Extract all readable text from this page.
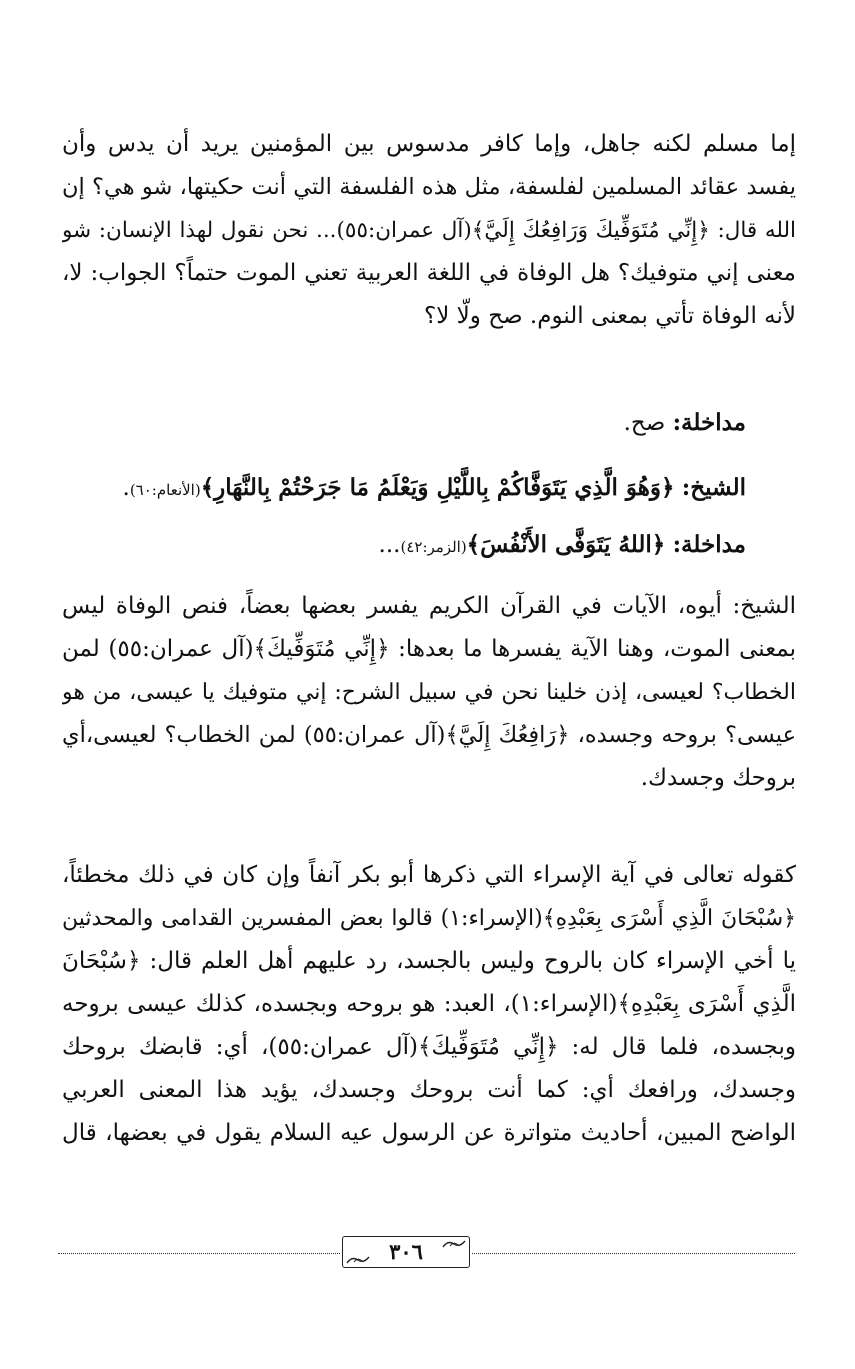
إما مسلم لكنه جاهل، وإما كافر مدسوس بين المؤمنين يريد أن يدس وأن
يفسد عقائد المسلمين لفلسفة، مثل هذه الفلسفة التي أنت حكيتها، شو هي؟ إن
الله قال: ﴿إِنِّي مُتَوَفِّيكَ وَرَافِعُكَ إِلَيَّ﴾(آل عمران:٥٥)... نحن نقول لهذا الإنسان: شو
معنى إني متوفيك؟ هل الوفاة في اللغة العربية تعني الموت حتماً؟ الجواب: لا،
لأنه الوفاة تأتي بمعنى النوم. صح ولّا لا؟
مداخلة: صح.
الشيخ: ﴿وَهُوَ الَّذِي يَتَوَفَّاكُمْ بِاللَّيْلِ وَيَعْلَمُ مَا جَرَحْتُمْ بِالنَّهَارِ﴾(الأنعام:٦٠).
مداخلة: ﴿اللهُ يَتَوَفَّى الأَنْفُسَ﴾(الزمر:٤٢)...
الشيخ: أيوه، الآيات في القرآن الكريم يفسر بعضها بعضاً، فنص الوفاة ليس
بمعنى الموت، وهنا الآية يفسرها ما بعدها: ﴿إِنِّي مُتَوَفِّيكَ﴾(آل عمران:٥٥) لمن
الخطاب؟ لعيسى، إذن خلينا نحن في سبيل الشرح: إني متوفيك يا عيسى، من هو
عيسى؟ بروحه وجسده، ﴿رَافِعُكَ إِلَيَّ﴾(آل عمران:٥٥) لمن الخطاب؟ لعيسى،أي
بروحك وجسدك.
كقوله تعالى في آية الإسراء التي ذكرها أبو بكر آنفاً وإن كان في ذلك مخطئاً،
﴿سُبْحَانَ الَّذِي أَسْرَى بِعَبْدِهِ﴾(الإسراء:١) قالوا بعض المفسرين القدامى والمحدثين
يا أخي الإسراء كان بالروح وليس بالجسد، رد عليهم أهل العلم قال: ﴿سُبْحَانَ
الَّذِي أَسْرَى بِعَبْدِهِ﴾(الإسراء:١)، العبد: هو بروحه وبجسده، كذلك عيسى بروحه
وبجسده، فلما قال له: ﴿إِنِّي مُتَوَفِّيكَ﴾(آل عمران:٥٥)، أي: قابضك بروحك
وجسدك، ورافعك أي: كما أنت بروحك وجسدك، يؤيد هذا المعنى العربي
الواضح المبين، أحاديث متواترة عن الرسول عيه السلام يقول في بعضها، قال
٣٠٦
